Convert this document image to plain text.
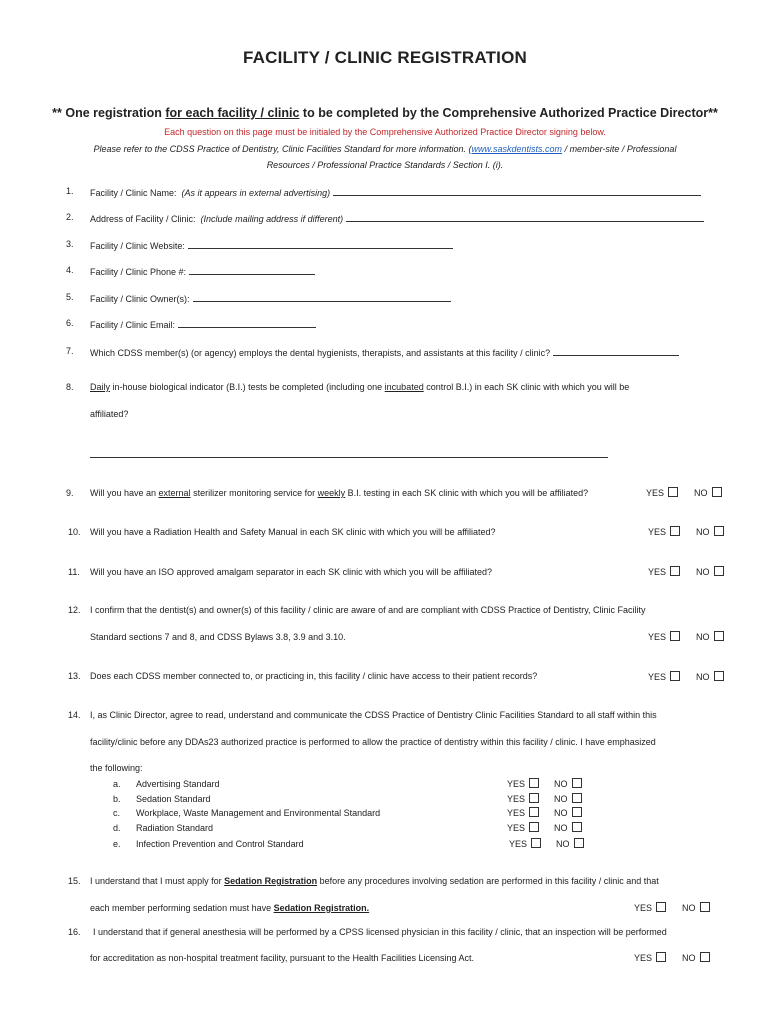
FACILITY / CLINIC REGISTRATION
** One registration for each facility / clinic to be completed by the Comprehensive Authorized Practice Director**
Each question on this page must be initialed by the Comprehensive Authorized Practice Director signing below.
Please refer to the CDSS Practice of Dentistry, Clinic Facilities Standard for more information. (www.saskdentists.com / member-site / Professional
Resources / Professional Practice Standards / Section I. (i).
1. Facility / Clinic Name: (As it appears in external advertising)
2. Address of Facility / Clinic: (Include mailing address if different)
3. Facility / Clinic Website:
4. Facility / Clinic Phone #:
5. Facility / Clinic Owner(s):
6. Facility / Clinic Email:
7. Which CDSS member(s) (or agency) employs the dental hygienists, therapists, and assistants at this facility / clinic?
8. Daily in-house biological indicator (B.I.) tests be completed (including one incubated control B.I.) in each SK clinic with which you will be
affiliated?
9. Will you have an external sterilizer monitoring service for weekly B.I. testing in each SK clinic with which you will be affiliated?	YES	NO
10. Will you have a Radiation Health and Safety Manual in each SK clinic with which you will be affiliated?	YES	NO
11. Will you have an ISO approved amalgam separator in each SK clinic with which you will be affiliated?	YES	NO
12. I confirm that the dentist(s) and owner(s) of this facility / clinic are aware of and are compliant with CDSS Practice of Dentistry, Clinic Facility
Standard sections 7 and 8, and CDSS Bylaws 3.8, 3.9 and 3.10.	YES	NO
13. Does each CDSS member connected to, or practicing in, this facility / clinic have access to their patient records?	YES	NO
14. I, as Clinic Director, agree to read, understand and communicate the CDSS Practice of Dentistry Clinic Facilities Standard to all staff within this
facility/clinic before any DDAs23 authorized practice is performed to allow the practice of dentistry within this facility / clinic. I have emphasized
the following:
a. Advertising Standard	YES	NO
b. Sedation Standard	YES	NO
c. Workplace, Waste Management and Environmental Standard	YES	NO
d. Radiation Standard	YES	NO
e. Infection Prevention and Control Standard	YES	NO
15. I understand that I must apply for Sedation Registration before any procedures involving sedation are performed in this facility / clinic and that
each member performing sedation must have Sedation Registration.	YES	NO
16. I understand that if general anesthesia will be performed by a CPSS licensed physician in this facility / clinic, that an inspection will be performed
for accreditation as non-hospital treatment facility, pursuant to the Health Facilities Licensing Act.	YES	NO
